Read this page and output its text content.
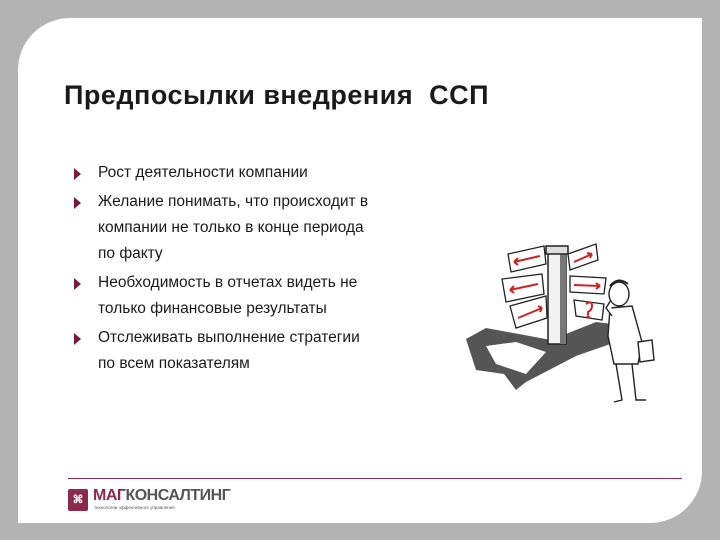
Предпосылки внедрения  ССП
Рост деятельности компании
Желание понимать, что происходит в компании не только в конце периода по факту
Необходимость в отчетах видеть не только финансовые результаты
Отслеживать выполнение стратегии по всем показателям
⌘ МАГКОНСАЛТИНГ
технологии эффективного управления
